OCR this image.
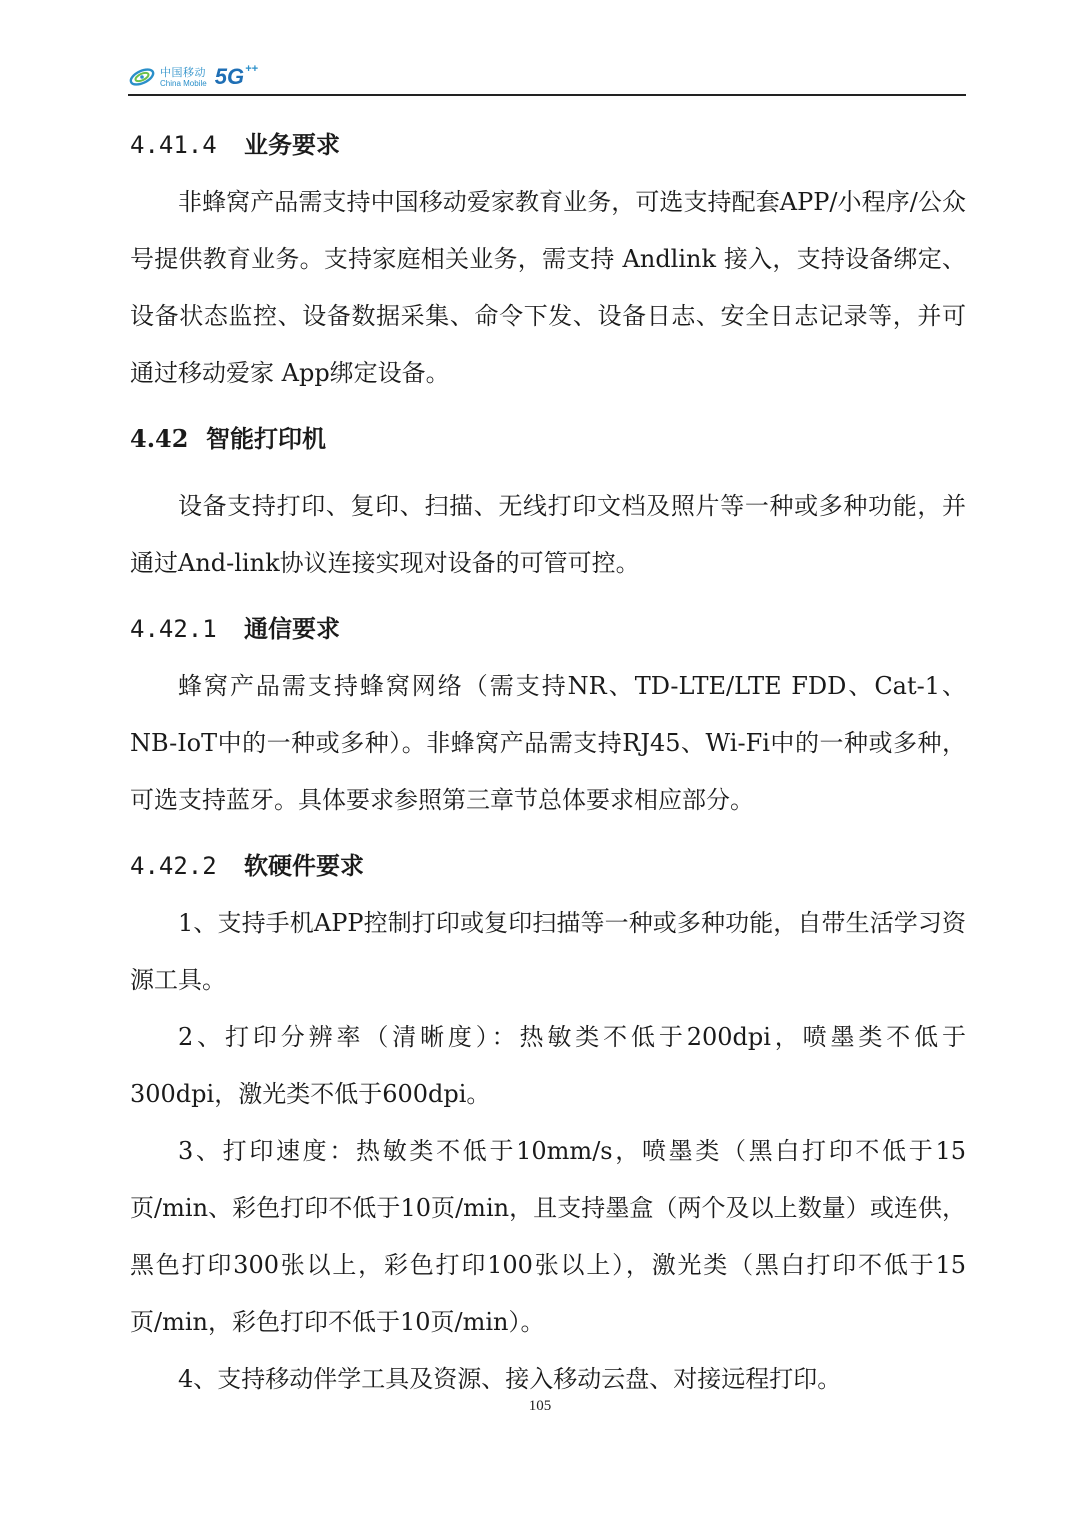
中国移动
China Mobile 5G++
4.41.4 业务要求

非蜂窝产品需支持中国移动爱家教育业务，可选支持配套APP/小程序/公众号提供教育业务。支持家庭相关业务，需支持 Andlink 接入，支持设备绑定、设备状态监控、设备数据采集、命令下发、设备日志、安全日志记录等，并可通过移动爱家 App绑定设备。

4.42 智能打印机

设备支持打印、复印、扫描、无线打印文档及照片等一种或多种功能，并通过And-link协议连接实现对设备的可管可控。

4.42.1 通信要求

蜂窝产品需支持蜂窝网络（需支持NR、TD-LTE/LTE FDD、Cat-1、NB-IoT中的一种或多种）。非蜂窝产品需支持RJ45、Wi-Fi中的一种或多种，可选支持蓝牙。具体要求参照第三章节总体要求相应部分。

4.42.2 软硬件要求

1、支持手机APP控制打印或复印扫描等一种或多种功能，自带生活学习资源工具。

2、打印分辨率（清晰度）：热敏类不低于200dpi，喷墨类不低于300dpi，激光类不低于600dpi。

3、打印速度：热敏类不低于10mm/s，喷墨类（黑白打印不低于15页/min、彩色打印不低于10页/min，且支持墨盒（两个及以上数量）或连供，黑色打印300张以上，彩色打印100张以上），激光类（黑白打印不低于15页/min，彩色打印不低于10页/min）。

4、支持移动伴学工具及资源、接入移动云盘、对接远程打印。

105
